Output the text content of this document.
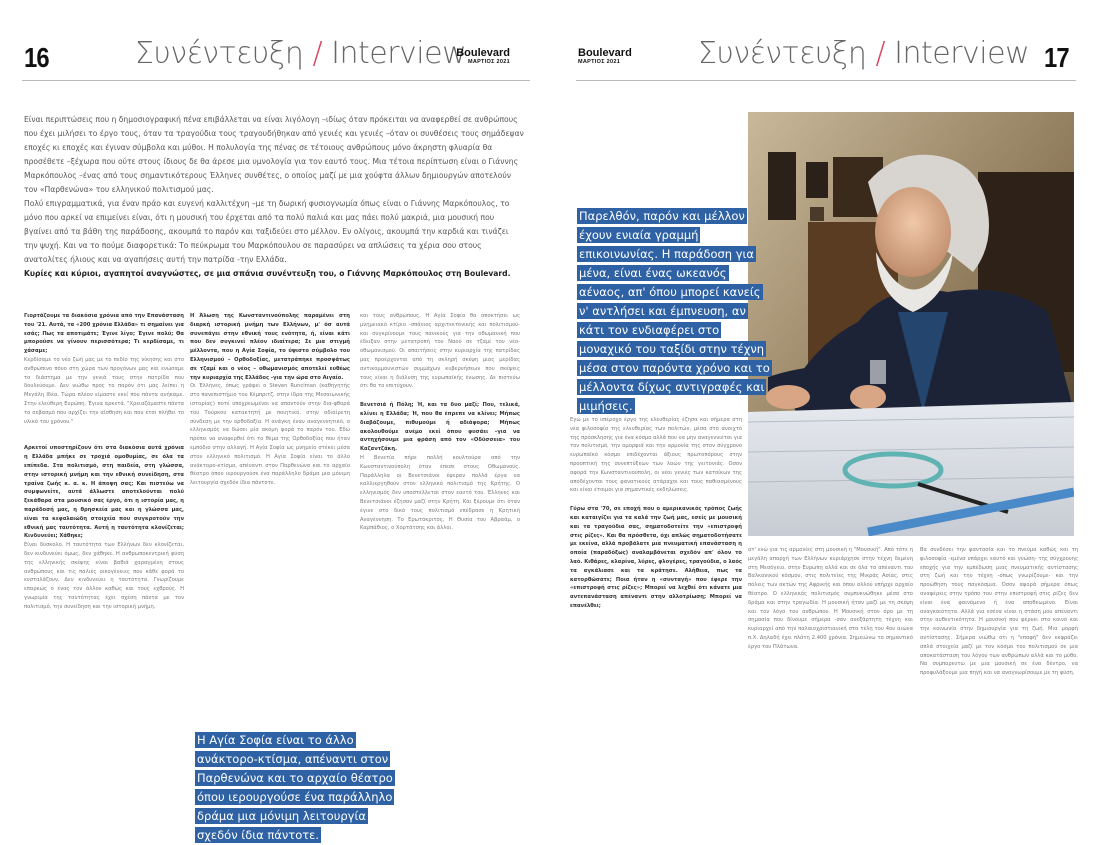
16	Συνέντευξη / Interview
Boulevard
ΜΑΡΤΙΟΣ 2021

Είναι περιπτώσεις που η δημοσιογραφική πένα επιβάλλεται να είναι λιγόλογη –ιδίως όταν πρόκειται να αναφερθεί σε ανθρώπους που έχει μιλήσει το έργο τους, όταν τα τραγούδια τους τραγουδήθηκαν από γενιές και γενιές –όταν οι συνθέσεις τους σημάδεψαν εποχές κι εποχές και έγιναν σύμβολα και μύθοι. Η πολυλογία της πένας σε τέτοιους ανθρώπους μόνο άκρηστη φλυαρία θα προσέθετε –ξέχωρα που ούτε στους ίδιους δε θα άρεσε μια υμνολογία για τον εαυτό τους. Μια τέτοια περίπτωση είναι ο Γιάννης Μαρκόπουλος –ένας από τους σημαντικότερους Έλληνες συνθέτες, ο οποίος μαζί με μια χούφτα άλλων δημιουργών αποτελούν τον «Παρθενώνα» του ελληνικού πολιτισμού μας.

Πολύ επιγραμματικά, για έναν πράο και ευγενή καλλιτέχνη –με τη δωρική φυσιογνωμία όπως είναι ο Γιάννης Μαρκόπουλος, το μόνο που αρκεί να επιμείνει είναι, ότι η μουσική του έρχεται από τα πολύ παλιά και μας πάει πολύ μακριά, μια μουσική που βγαίνει από τα βάθη της παράδοσης, ακουμπά το παρόν και ταξιδεύει στο μέλλον. Εν ολίγοις, ακουμπά την καρδιά και τινάζει την ψυχή. Και να το πούμε διαφορετικά: Το πεύκρωμα του Μαρκόπουλου σε παρασύρει να απλώσεις τα χέρια σου στους ανατολίτες ήλιους και να αγαπήσεις αυτή την πατρίδα -την Ελλάδα.

Κυρίες και κύριοι, αγαπητοί αναγνώστες, σε μια σπάνια συνέντευξη του, ο Γιάννης Μαρκόπουλος στη Boulevard.

Γιορτάζουμε τα διακόσια χρόνια από την Επανάσταση του '21. Αυτά, τα «200 χρόνια Ελλάδα» τι σημαίνει για εσάς; Πως τα αποτιμάτε; Έγινε λίγο; Έγινε πολύ; Θα μπορούσε να γίνουν περισσότερα; Τι κερδίσαμε, τι χάσαμε;
Κερδίσαμε το νέο ζωή μας με το πεδίο της νίκησης και στο ανθρώπινο πόνο στη χώρα των προγόνων μας και ενώσαμε το διάστημα με την γενιά τους στην πατρίδα που δουλεύουμε. Δεν νιώθω προς το παρόν ότι μας λείπει η Μεγάλη Ιδέα. Τώρα πλέον είμαστε εκεί που πάντα ανήκαμε. Στην ελεύθερη Ευρώπη. Έγινα αρκετά. "Χρειαζόμαστε πάντα το σεβασμό που αρχίζει την αίσθηση και που έτσι πλήθει το υλικό του χρόνου."

Αρκετοί υποστηρίζουν ότι στα διακόσια αυτά χρόνια η Ελλάδα μπήκε σε τροχιά ομοθυμίας, σε όλα τα επίπεδα. Στα πολιτισμό, στη παιδεία, στη γλώσσα, στην ιστορική μνήμη και την εθνική συνείδηση, στα τραίνα ζωής κ. α. κ. Η άποψη σας; Και πιστεύω να συμφωνείτε, αυτά άλλωστε αποτελούνται πολύ ξεκάθαρα στα μουσικό σας έργο, ότι η ιστορία μας, η παράδοσή μας, η θρησκεία μας και η γλώσσα μας, είναι τα κεφαλαιώδη στοιχεία που συγκροτούν την εθνική μας ταυτότητα. Αυτή η ταυτότητα κλονίζεται; Κινδυνεύει; Χάθηκε;
Είναι δύσκολο. Η ταυτότητα των Ελλήνων δεν κλονίζεται, δεν κινδυνεύει όμως, δεν χάθηκε. Η ανθρωποκεντρική φύση της ελληνικής σκέψης είναι βαθιά χαραγμένη στους ανθρώπους και τις παλιές οικογένειες που κάθε φορά το ενσταλάζουν. Δεν κινδυνεύει η ταυτότητα. Γνωρίζουμε επαρκώς ο ένας τον άλλον καθώς και τους εχθρούς. Η γνωριμία της ταυτότητας έχει σχέση πάντα με τον πολιτισμό, την συνείδηση και την ιστορική μνήμη.

Η Άλωση της Κωνσταντινούπολης παραμένει στη διαρκή ιστορική μνήμη των Ελλήνων, μ' όσ αυτά συνεπάγει στην εθνική τους ενότητα, ή, είναι κάτι που δεν συγκινεί πλέον ιδιαίτερα; Σε μια στιγμή μέλλοντα, που η Αγία Σοφία, το ύψιστο σύμβολο του Ελληνισμού – Ορθοδοξίας, μετατράπηκε προσφάτως σε τζαμί και ο νέος – οθωμανισμός αποτελεί ευθέως την κυριαρχία της Ελλάδος -για την ώρα στο Αιγαίο.
Οι Έλληνες, όπως γράφει ο Steven Runciman (καθηγητής στο πανεπιστήμιο του Κέμπριτζ, στην ίδρα της Μεσαιωνικής ιστορίας) ποτέ υποχρεωμένοι να απαντούν στην δια-φθορά του Τούρκου κατακτητή με ποιητικό, στην αδιαίρετη σύνδεση με την ορθοδοξία. Η ανάγκη έναν αναγεννητικό, ο ελληνισμός να δώσει μία ακόμη φορά το παρόν του. Εδώ πρέπει να αναφερθεί ότι το θέμα της Ορθοδοξίας που ήταν εμπόδιο στην αλλαγή. Η Αγία Σοφία ως μνημείο στέκει μέσα στον ελληνικό πολιτισμό. Η Αγία Σοφία είναι το άλλο ανάκτορο-κτίσμα, απέναντι στον Παρθενώνα και το αρχαίο θέατρο όπου ιερουργούσε ένα παράλληλο δράμα μια μόνιμη λειτουργία σχεδόν ίδια πάντοτε.

και τους ανθρώπους. Η Αγία Σοφία θα αποκτήσει ως μνημειακό κτίριο -σπάνιος αρχιτεκτονικής και πολιτισμού- και συγκρίνουμε τους πανικούς για την οθωμανική που έδειξαν στην μετατροπή του Ναού σε τζαμί του νέο-οθωμανισμού. Οι απαιτήσεις στην κυριαρχία της πατρίδας μας προέρχονται από τη σκληρή σκέψη μιας μερίδας αντικομμουνιστών συμμάχων κυβερνήσεων που σκέψεις τους είναι η διάλυση της ευρωπαϊκής ένωσης. Δε πιστεύω ότι θα το επιτύχουν.

Βενετσιά ή Πόλη; Ή, και τα δυο μαζί; Που, τελικά, κλίνει η Ελλάδα; Ή, που θα έπρεπε να κλίνει; Μήπως διαβάζουμε, πιθυμούμε ή αδιάφορα; Μήπως ακολουθούμε ανέμο εκεί όπου φυσάει –για να αντηχήσουμε μια φράση από τον «Οδύσσεια» του Καζαντζάκη.
Η Βενετία πήρε πολλή κουλτούρα από την Κωνσταντινούπολη όταν έπεσε στους Οθωμανούς. Παράλληλα οι Βενετσιάνοι έφεραν πολλά έργα να καλλιεργηθούν στον ελληνικό πολιτισμό της Κρήτης. Ο ελληνισμός δεν υποστέλλεται στον εαυτό του. Έλληνες και Βενετσιάνοι έζησαν μαζί στην Κρήτη. Και ξέρουμε ότι όταν έγινε στο δικό τους πολιτισμό επέδρασε η Κρητική Αναγέννηση. Το Ερωτόκριτος, Η Θυσία του Αβραάμ, ο Καρπάθιος, ο Χορτάτσης και άλλοι.

Η Αγία Σοφία είναι το άλλο ανάκτορο-κτίσμα, απέναντι στον Παρθενώνα και το αρχαίο θέατρο όπου ιερουργούσε ένα παράλληλο δράμα μια μόνιμη λειτουργία σχεδόν ίδια πάντοτε.
Boulevard
ΜΑΡΤΙΟΣ 2021	Συνέντευξη / Interview 17

Εγώ με το υπέροχο έργο της ελευθερίας έζησα και σήμερα στη νέα φιλοσοφία της ελευθερίας των πολιτών, μέσα στο ανοιχτό της πρόσκλησης για ένα κόσμο αλλά που να μην αναγεννιέται για τον πολιτισμό, την ομορφιά και την αρμονία της στον σύγχρονο ευρωπαϊκό κόσμο επιδέχονται άξιους πρωτοπόρους στην προοπτική της συνεπτύξεων των λαών της γειτονιάς. Οσον αφορά την Κωνσταντινούπολη, οι νέοι γενιές των κατοίκων της αποδέχονται τους φανατικούς ατάραχοι και τους παθιασμένους και είναι έτοιμοι για σημαντικές εκδηλώσεις.

Γύρω στα '70, σε εποχή που ο αμερικανικός τρόπος ζωής και καταιγίζει για τα καλά την ζωή μας, εσείς με μουσική και τα τραγούδια σας, σηματοδοτείτε την «επιστροφή στις ρίζες». Και θα πρόσθετα, όχι απλώς σηματοδοτήσατε με εκείνα, αλλά προβάλατε μια πνευματική επανάσταση η οποία (παραδόξως) αναλαμβάνεται σχεδόν απ' όλον το λαό. Κιθάρες, κλαρίνα, λύρες, φλογέρες, τραγούδια, ο λαός τα αγκάλιασε και τα κράτησε. Αλήθεια, πως τα κατορθώσατε; Ποια ήταν η «συνταγή» που έφερε την «επιστροφή στις ρίζες»; Μπορεί να λεχθεί ότι κάνατε μια αντεπανάσταση απέναντι στην αλλοτρίωση; Μπορεί να επανέλθει;

ατ' ενώ για τις αρμονίες στη μουσική η "Μουσική". Από τότε η μεγάλη απαρχή των Ελλήνων κυριάρχησε στην τέχνη δεμένη στη Μεσόγειο, στην Ευρώπη αλλά και σε όλα τα απέναντι του Βαλκανικού κόσμου, στις πολιτείες της Μικράς Ασίας, στις πόλεις των ακτών της Αφρικής και όπου αλλού υπήρχε αρχαίο θέατρο. Ο ελληνικός πολιτισμός συμπυκνώθηκε μέσα στο δράμα και στην τραγωδία. Η μουσική ήταν μαζί με τη σκέψη και τον λόγο του ανθρώπου. Η Μουσική στον όρο με τη σημασία που δίνουμε σήμερα -σαν ανεξάρτητη τέχνη και κυριαρχεί από την παλαιοχριστιανική στα τέλη του 4ου αιώνα π.Χ. Δηλαδή έχει πλάτη 2.400 χρόνια. Σημειώνω το σημαντικό έργο του Πλάτωνα.

Βα συνδέσει την φαντασία και το πνεύμα καθώς και τη φιλοσοφία -εμένα υπάρχει εαυτό και γνώση- της σύγχρονης εποχής για την εμπέδωση μιας πνευματικής αντίστασης στη ζωή και την τέχνη -όπως γνωρίζουμε- και την προώθηση τους παγκόσμια. Όσον αφορά σήμερα όπως αναφέρεις στην τρόπο του στην επιστροφή στις ρίζες δεν είναι ένα φαινόμενο ή ένα αποθεωμένο. Είναι αναγκαιότητα. Αλλά για εσένα είναι η στάση μου απέναντι στην αυθεντικότητα. Η μουσική που φέρνει στο κοινό και την κοινωνία στην δημιουργία για τη ζωή. Μια μορφή αντίστασης. Σήμερα νιώθω ότι η "επαφή" δεν εκφράζει απλά στοιχεία μαζί με τον κόσμο του πολιτισμού σε μια αποκατάσταση του λόγου των ανθρώπων αλλά και το μύθο. Να συμπορευτώ με μια μουσική σε ένα δέντρο, να προφυλάξουμε μια πηγή και να αναγνωρίσουμε με τη φύση.

Παρελθόν, παρόν και μέλλον έχουν ενιαία γραμμή επικοινωνίας. Η παράδοση για μένα, είναι ένας ωκεανός αέναος, απ' όπου μπορεί κανείς ν' αντλήσει και έμπνευση, αν κάτι τον ενδιαφέρει στο μοναχικό του ταξίδι στην τέχνη μέσα στον παρόντα χρόνο και το μέλλοντα δίχως αντιγραφές και μιμήσεις.
